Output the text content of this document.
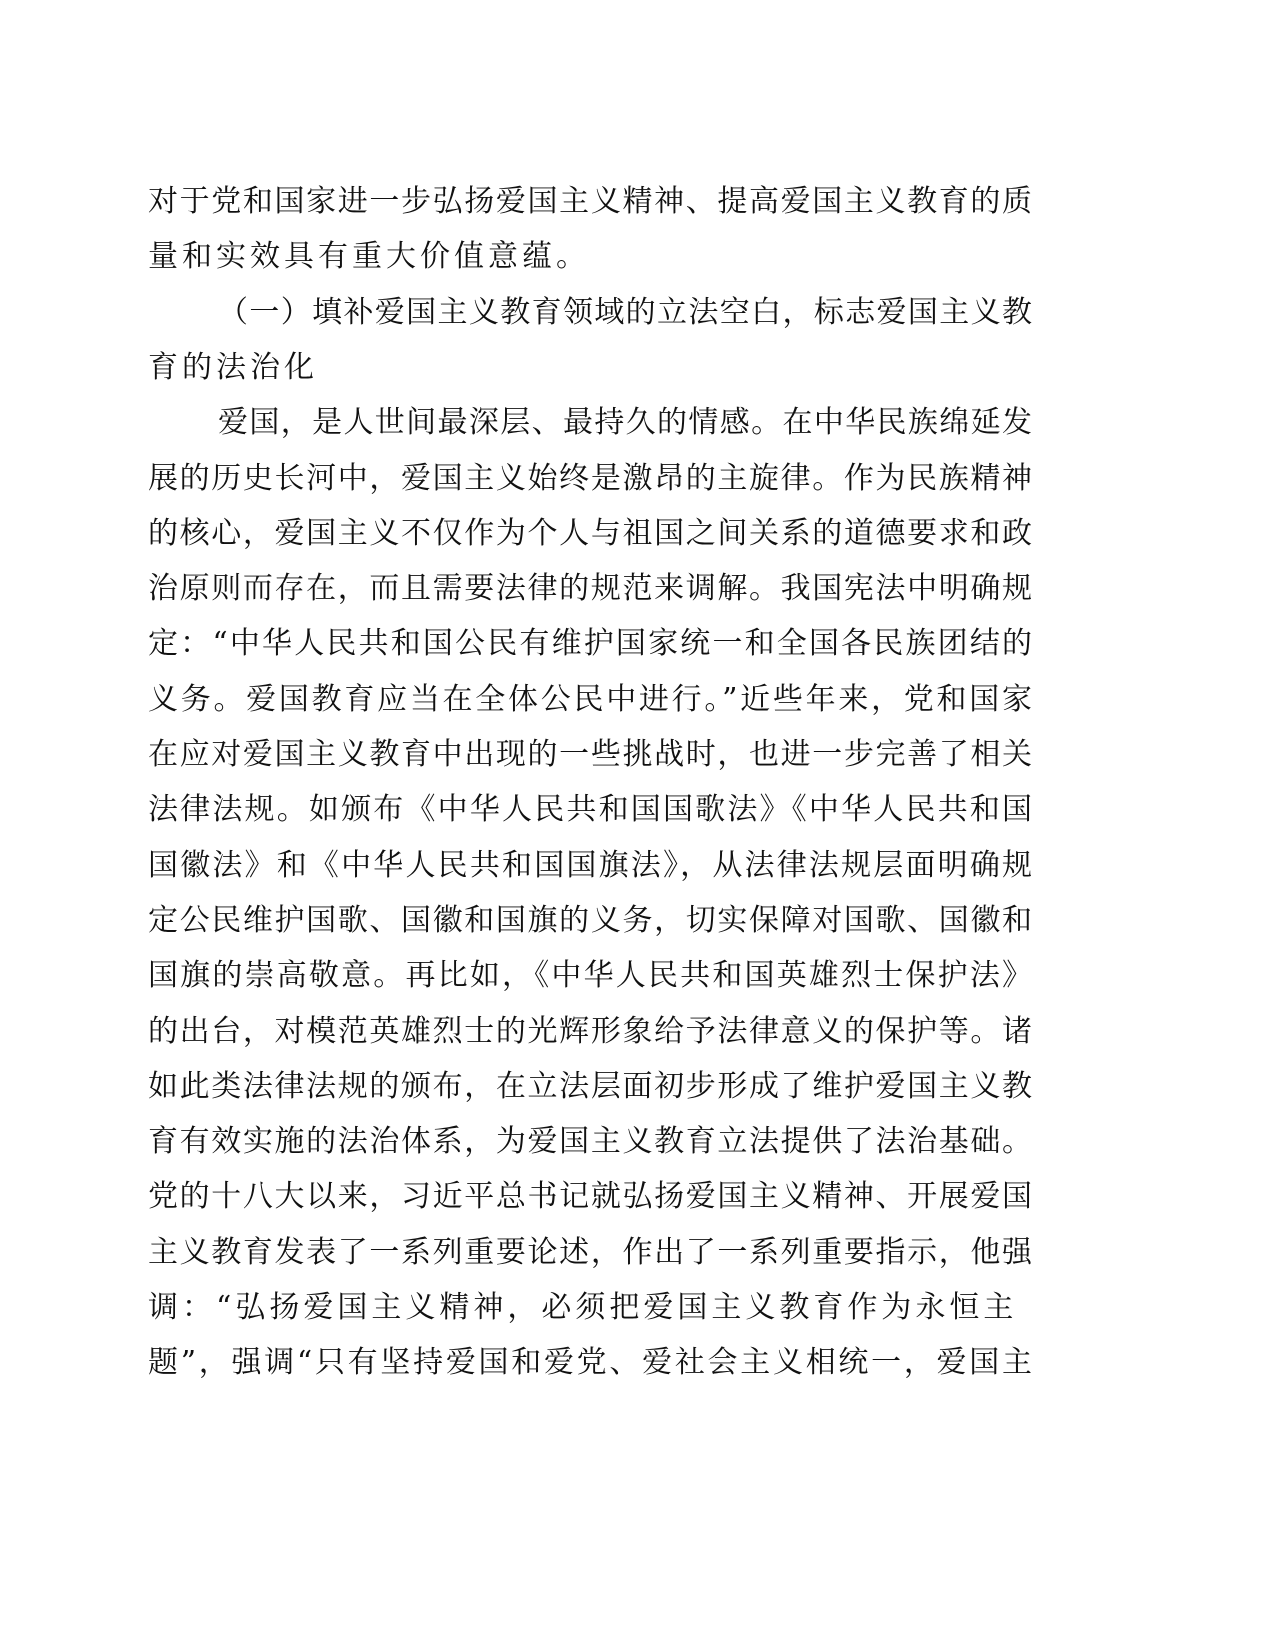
对于党和国家进一步弘扬爱国主义精神、提高爱国主义教育的质
量和实效具有重大价值意蕴。
（一）填补爱国主义教育领域的立法空白，标志爱国主义教
育的法治化
爱国，是人世间最深层、最持久的情感。在中华民族绵延发
展的历史长河中，爱国主义始终是激昂的主旋律。作为民族精神
的核心，爱国主义不仅作为个人与祖国之间关系的道德要求和政
治原则而存在，而且需要法律的规范来调解。我国宪法中明确规
定：“中华人民共和国公民有维护国家统一和全国各民族团结的
义务。爱国教育应当在全体公民中进行。”近些年来，党和国家
在应对爱国主义教育中出现的一些挑战时，也进一步完善了相关
法律法规。如颁布《中华人民共和国国歌法》《中华人民共和国
国徽法》和《中华人民共和国国旗法》，从法律法规层面明确规
定公民维护国歌、国徽和国旗的义务，切实保障对国歌、国徽和
国旗的崇高敬意。再比如，《中华人民共和国英雄烈士保护法》
的出台，对模范英雄烈士的光辉形象给予法律意义的保护等。诸
如此类法律法规的颁布，在立法层面初步形成了维护爱国主义教
育有效实施的法治体系，为爱国主义教育立法提供了法治基础。
党的十八大以来，习近平总书记就弘扬爱国主义精神、开展爱国
主义教育发表了一系列重要论述，作出了一系列重要指示，他强
调：“弘扬爱国主义精神，必须把爱国主义教育作为永恒主
题”，强调“只有坚持爱国和爱党、爱社会主义相统一，爱国主
